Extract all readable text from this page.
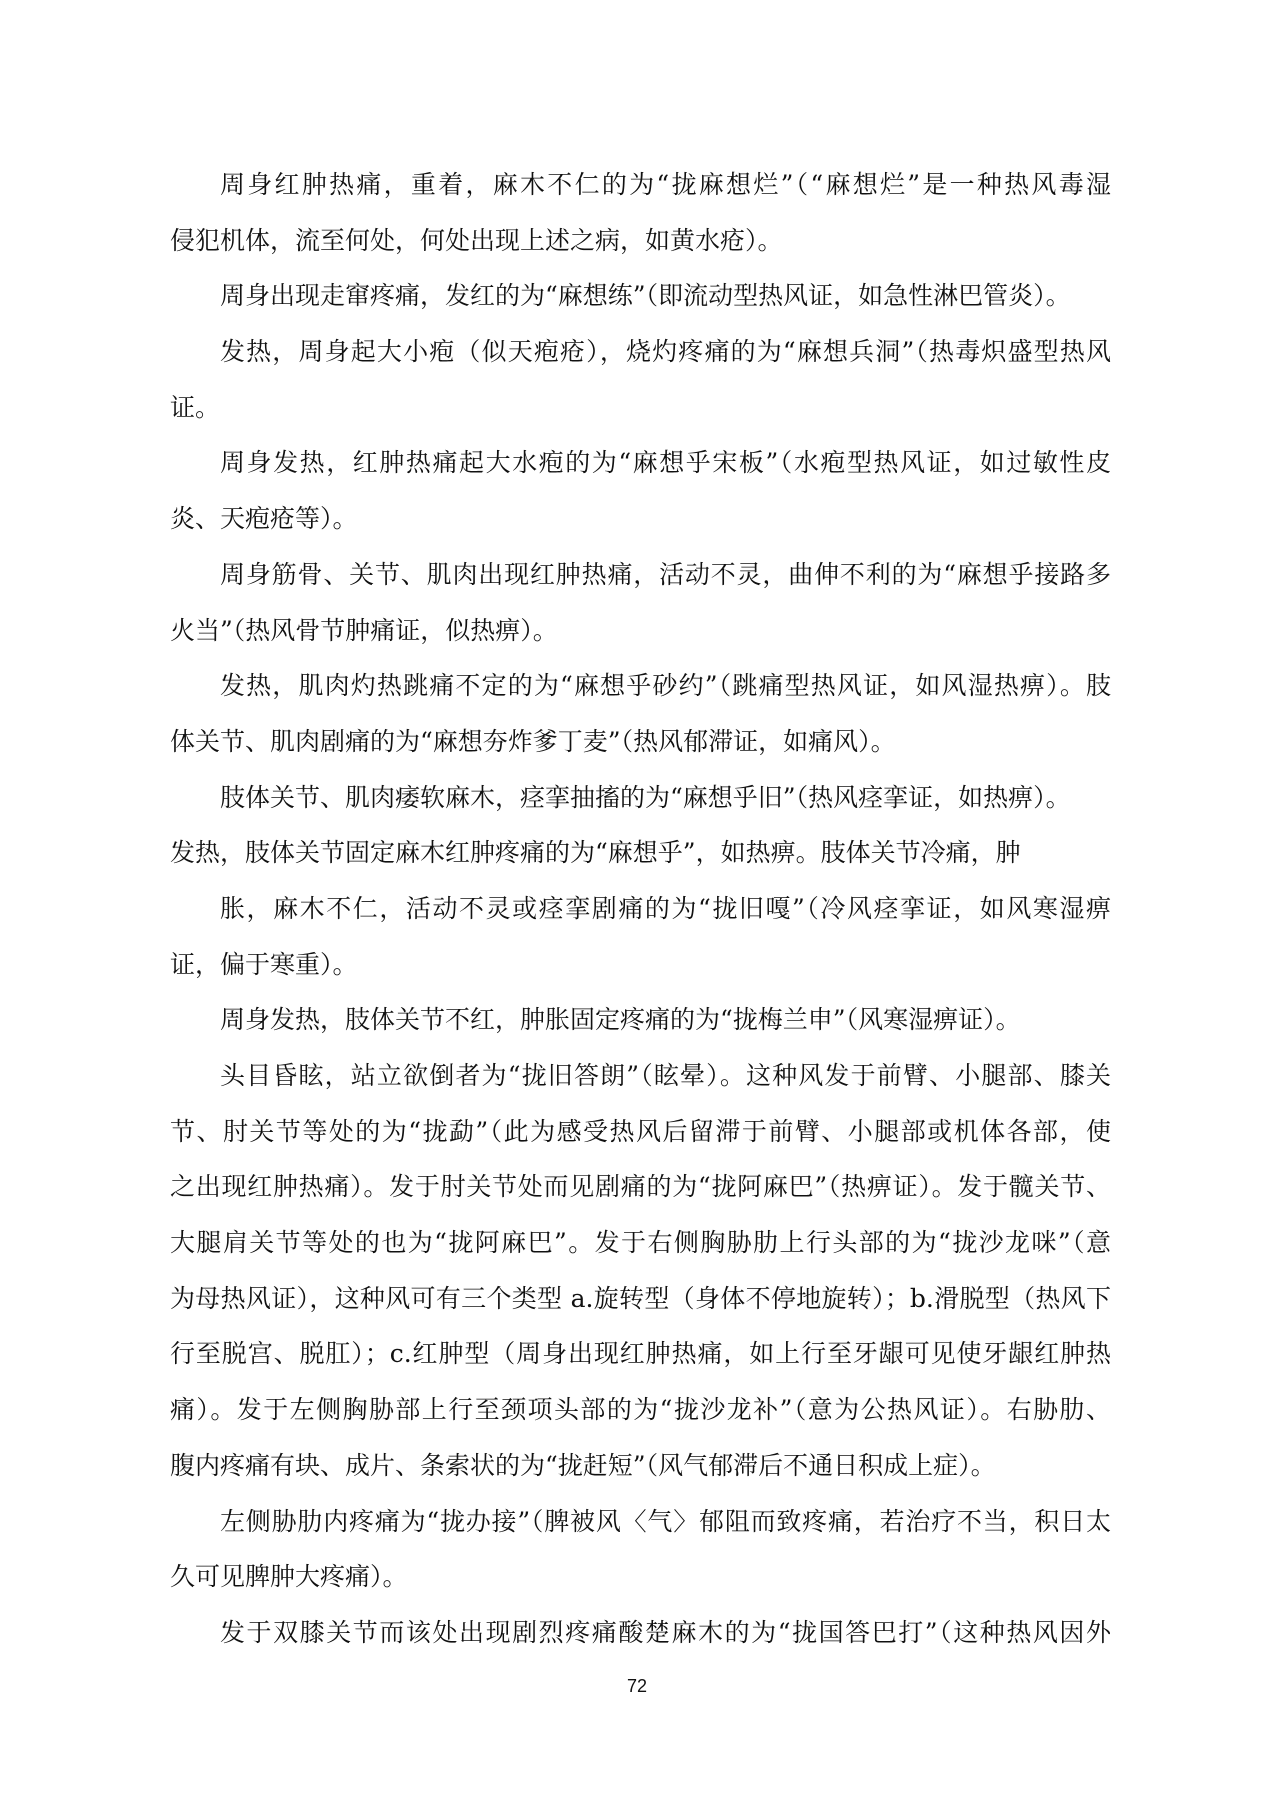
周身红肿热痛，重着，麻木不仁的为“拢麻想烂”（“麻想烂”是一种热风毒湿
侵犯机体，流至何处，何处出现上述之病，如黄水疮）。
周身出现走窜疼痛，发红的为“麻想练”（即流动型热风证，如急性淋巴管炎）。
发热，周身起大小疱（似天疱疮），烧灼疼痛的为“麻想兵洞”（热毒炽盛型热风
证。
周身发热，红肿热痛起大水疱的为“麻想乎宋板”（水疱型热风证，如过敏性皮
炎、天疱疮等）。
周身筋骨、关节、肌肉出现红肿热痛，活动不灵，曲伸不利的为“麻想乎接路多
火当”（热风骨节肿痛证，似热痹）。
发热，肌肉灼热跳痛不定的为“麻想乎砂约”（跳痛型热风证，如风湿热痹）。肢
体关节、肌肉剧痛的为“麻想夯炸爹丁麦”（热风郁滞证，如痛风）。
肢体关节、肌肉痿软麻木，痉挛抽搐的为“麻想乎旧”（热风痉挛证，如热痹）。
发热，肢体关节固定麻木红肿疼痛的为“麻想乎”，如热痹。肢体关节冷痛，肿
胀，麻木不仁，活动不灵或痉挛剧痛的为“拢旧嘎”（冷风痉挛证，如风寒湿痹
证，偏于寒重）。
周身发热，肢体关节不红，肿胀固定疼痛的为“拢梅兰申”（风寒湿痹证）。
头目昏眩，站立欲倒者为“拢旧答朗”（眩晕）。这种风发于前臂、小腿部、膝关
节、肘关节等处的为“拢勐”（此为感受热风后留滞于前臂、小腿部或机体各部，使
之出现红肿热痛）。发于肘关节处而见剧痛的为“拢阿麻巴”（热痹证）。发于髋关节、
大腿肩关节等处的也为“拢阿麻巴”。发于右侧胸胁肋上行头部的为“拢沙龙咪”（意
为母热风证），这种风可有三个类型 a.旋转型（身体不停地旋转）；b.滑脱型（热风下
行至脱宫、脱肛）；c.红肿型（周身出现红肿热痛，如上行至牙龈可见使牙龈红肿热
痛）。发于左侧胸胁部上行至颈项头部的为“拢沙龙补”（意为公热风证）。右胁肋、
腹内疼痛有块、成片、条索状的为“拢赶短”（风气郁滞后不通日积成上症）。
左侧胁肋内疼痛为“拢办接”（脾被风〈气〉郁阻而致疼痛，若治疗不当，积日太
久可见脾肿大疼痛）。
发于双膝关节而该处出现剧烈疼痛酸楚麻木的为“拢国答巴打”（这种热风因外
72
